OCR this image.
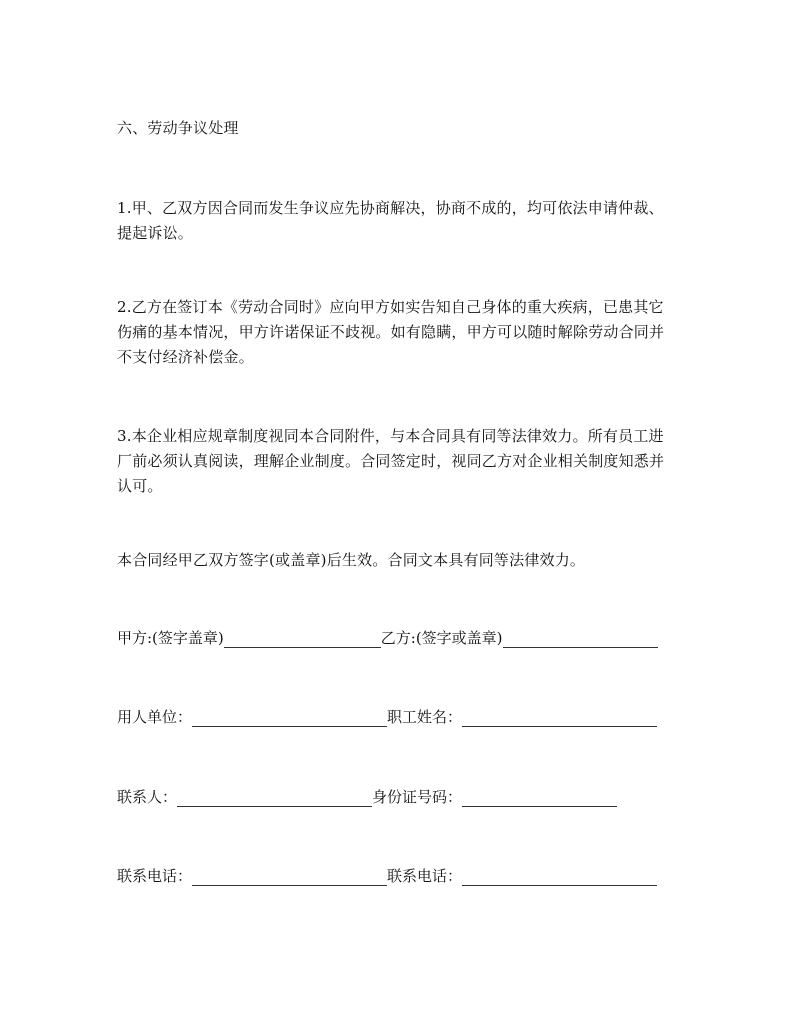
六、劳动争议处理
1.甲、乙双方因合同而发生争议应先协商解决，协商不成的，均可依法申请仲裁、
提起诉讼。
2.乙方在签订本《劳动合同时》应向甲方如实告知自己身体的重大疾病，已患其它
伤痛的基本情况，甲方许诺保证不歧视。如有隐瞒，甲方可以随时解除劳动合同并
不支付经济补偿金。
3.本企业相应规章制度视同本合同附件，与本合同具有同等法律效力。所有员工进
厂前必须认真阅读，理解企业制度。合同签定时，视同乙方对企业相关制度知悉并
认可。
本合同经甲乙双方签字(或盖章)后生效。合同文本具有同等法律效力。
甲方:(签字盖章)	乙方:(签字或盖章)
用人单位：	职工姓名：
联系人：	身份证号码：
联系电话：	联系电话：
